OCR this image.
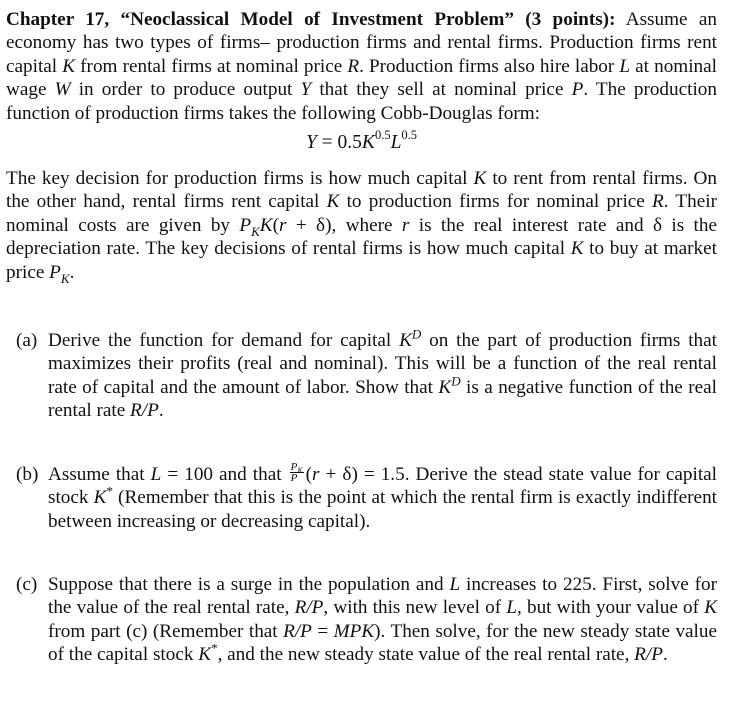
Chapter 17, “Neoclassical Model of Investment Problem” (3 points): Assume an economy has two types of firms– production firms and rental firms. Production firms rent capital K from rental firms at nominal price R. Production firms also hire labor L at nominal wage W in order to produce output Y that they sell at nominal price P. The production function of production firms takes the following Cobb-Douglas form:

$Y = 0.5K^{0.5}L^{0.5}$

The key decision for production firms is how much capital K to rent from rental firms. On the other hand, rental firms rent capital K to production firms for nominal price R. Their nominal costs are given by $P_KK(r + \delta)$, where r is the real interest rate and δ is the depreciation rate. The key decisions of rental firms is how much capital K to buy at market price $P_K$.

(a) Derive the function for demand for capital $K^D$ on the part of production firms that maximizes their profits (real and nominal). This will be a function of the real rental rate of capital and the amount of labor. Show that $K^D$ is a negative function of the real rental rate R/P.
(b) Assume that L = 100 and that $\frac{P_K}{P} (r + \delta) = 1.5$. Derive the stead state value for capital stock K* (Remember that this is the point at which the rental firm is exactly indifferent between increasing or decreasing capital).
(c) Suppose that there is a surge in the population and L increases to 225. First, solve for the value of the real rental rate, R/P, with this new level of L, but with your value of K from part (c) (Remember that R/P = MPK). Then solve, for the new steady state value of the capital stock K*, and the new steady state value of the real rental rate, R/P.
